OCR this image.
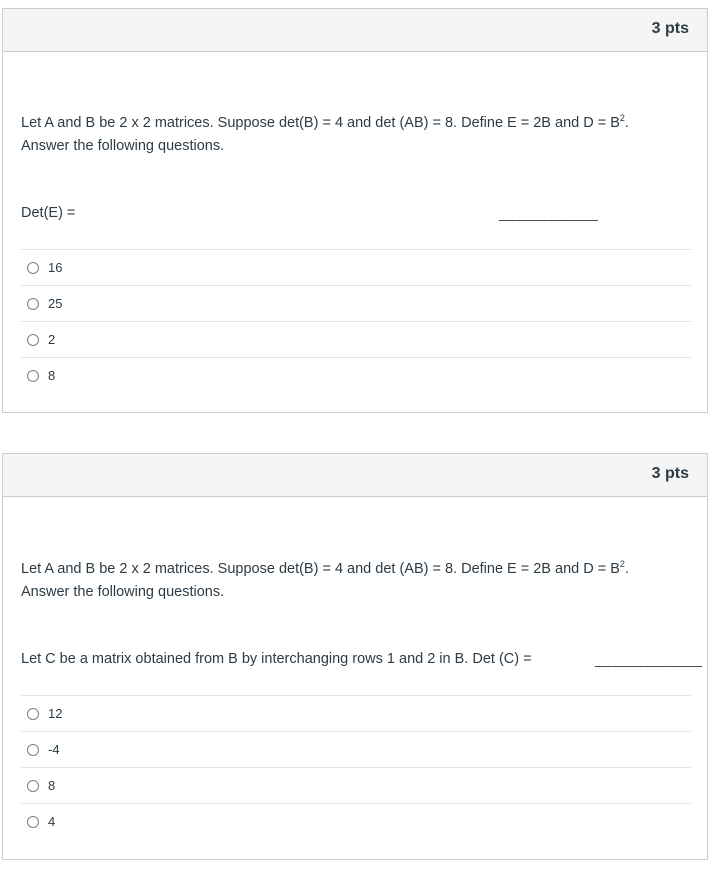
3 pts
Let A and B be 2 x 2 matrices. Suppose det(B) = 4 and det (AB) = 8. Define E = 2B and $D = B^2$.
Answer the following questions.
Det(E) =	____________
16
25
2
8
3 pts
Let A and B be 2 x 2 matrices. Suppose det(B) = 4 and det (AB) = 8. Define E = 2B and $D = B^2$.
Answer the following questions.
Let C be a matrix obtained from B by interchanging rows 1 and 2 in B. Det (C) =	_____________
12
-4
8
4
